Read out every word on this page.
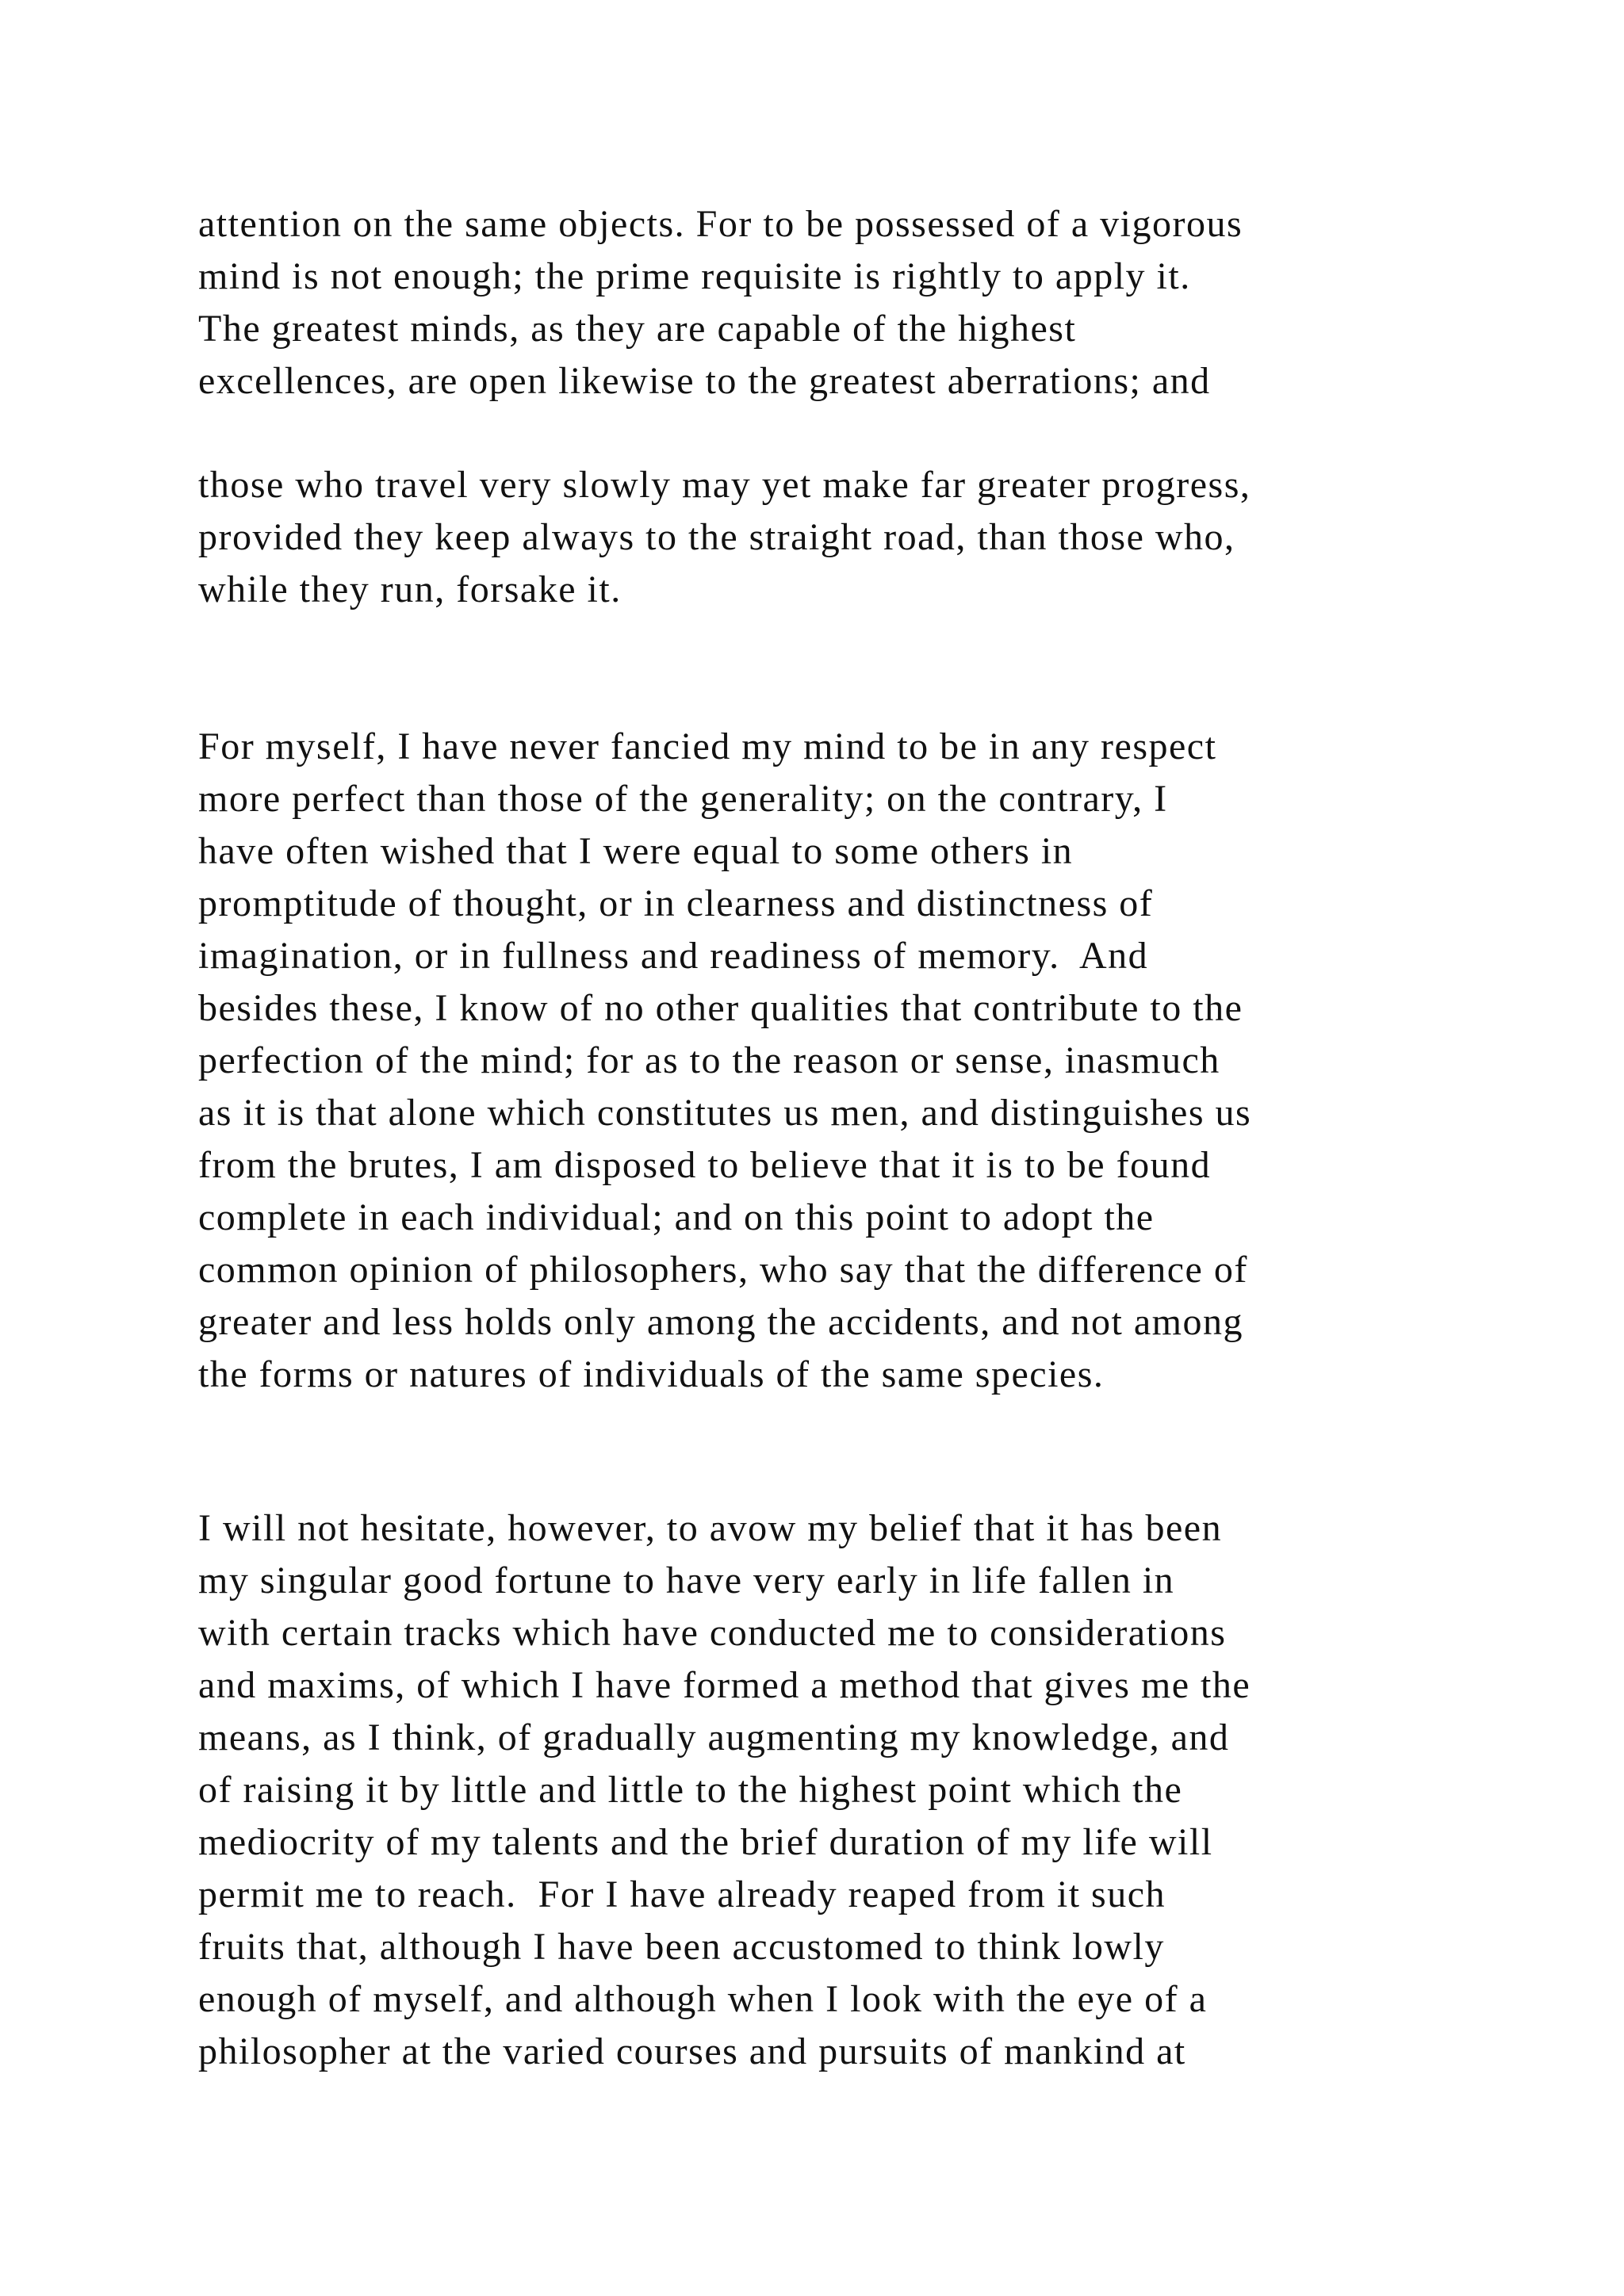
attention on the same objects. For to be possessed of a vigorous
mind is not enough; the prime requisite is rightly to apply it.
The greatest minds, as they are capable of the highest
excellences, are open likewise to the greatest aberrations; and
those who travel very slowly may yet make far greater progress,
provided they keep always to the straight road, than those who,
while they run, forsake it.
For myself, I have never fancied my mind to be in any respect
more perfect than those of the generality; on the contrary, I
have often wished that I were equal to some others in
promptitude of thought, or in clearness and distinctness of
imagination, or in fullness and readiness of memory.  And
besides these, I know of no other qualities that contribute to the
perfection of the mind; for as to the reason or sense, inasmuch
as it is that alone which constitutes us men, and distinguishes us
from the brutes, I am disposed to believe that it is to be found
complete in each individual; and on this point to adopt the
common opinion of philosophers, who say that the difference of
greater and less holds only among the accidents, and not among
the forms or natures of individuals of the same species.
I will not hesitate, however, to avow my belief that it has been
my singular good fortune to have very early in life fallen in
with certain tracks which have conducted me to considerations
and maxims, of which I have formed a method that gives me the
means, as I think, of gradually augmenting my knowledge, and
of raising it by little and little to the highest point which the
mediocrity of my talents and the brief duration of my life will
permit me to reach.  For I have already reaped from it such
fruits that, although I have been accustomed to think lowly
enough of myself, and although when I look with the eye of a
philosopher at the varied courses and pursuits of mankind at
